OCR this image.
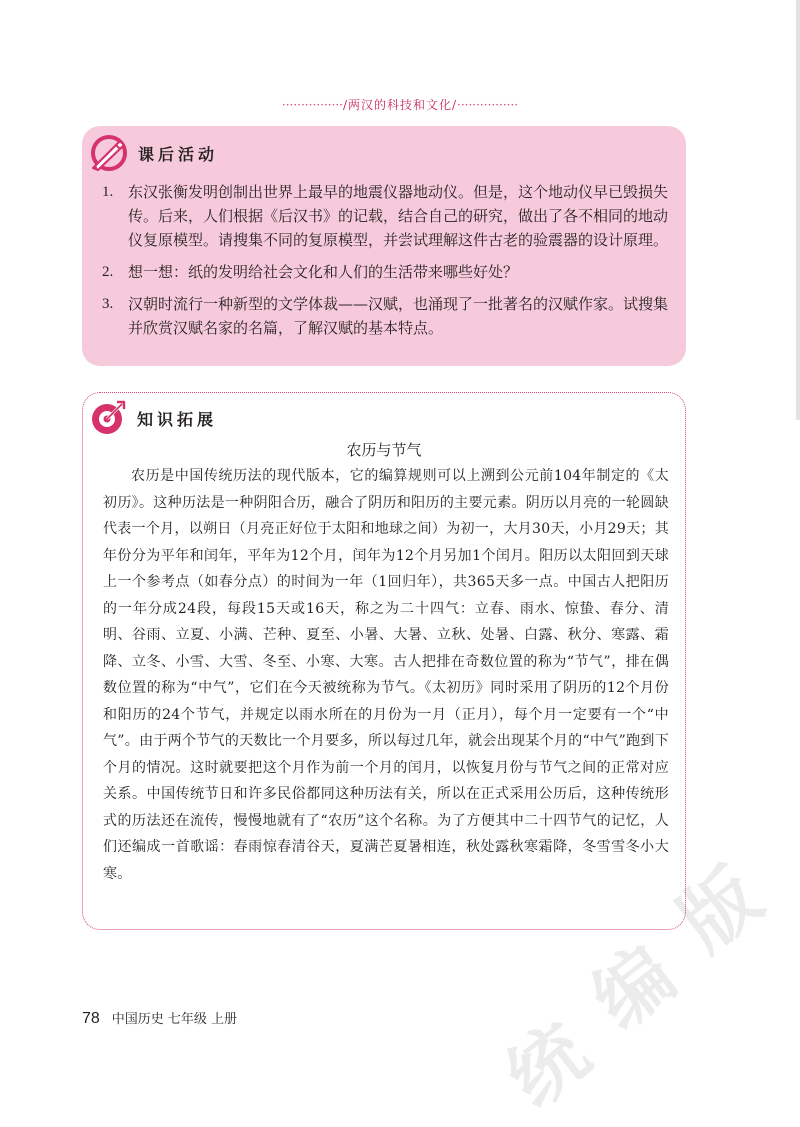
················/两汉的科技和文化/················
课后活动
1. 东汉张衡发明创制出世界上最早的地震仪器地动仪。但是，这个地动仪早已毁损失传。后来，人们根据《后汉书》的记载，结合自己的研究，做出了各不相同的地动仪复原模型。请搜集不同的复原模型，并尝试理解这件古老的验震器的设计原理。
2. 想一想：纸的发明给社会文化和人们的生活带来哪些好处？
3. 汉朝时流行一种新型的文学体裁——汉赋，也涌现了一批著名的汉赋作家。试搜集并欣赏汉赋名家的名篇，了解汉赋的基本特点。
知识拓展
农历与节气

农历是中国传统历法的现代版本，它的编算规则可以上溯到公元前104年制定的《太初历》。这种历法是一种阴阳合历，融合了阴历和阳历的主要元素。阴历以月亮的一轮圆缺代表一个月，以朔日（月亮正好位于太阳和地球之间）为初一，大月30天，小月29天；其年份分为平年和闰年，平年为12个月，闰年为12个月另加1个闰月。阳历以太阳回到天球上一个参考点（如春分点）的时间为一年（1回归年），共365天多一点。中国古人把阳历的一年分成24段，每段15天或16天，称之为二十四气：立春、雨水、惊蛰、春分、清明、谷雨、立夏、小满、芒种、夏至、小暑、大暑、立秋、处暑、白露、秋分、寒露、霜降、立冬、小雪、大雪、冬至、小寒、大寒。古人把排在奇数位置的称为“节气”，排在偶数位置的称为“中气”，它们在今天被统称为节气。《太初历》同时采用了阴历的12个月份和阳历的24个节气，并规定以雨水所在的月份为一月（正月），每个月一定要有一个“中气”。由于两个节气的天数比一个月要多，所以每过几年，就会出现某个月的“中气”跑到下个月的情况。这时就要把这个月作为前一个月的闰月，以恢复月份与节气之间的正常对应关系。中国传统节日和许多民俗都同这种历法有关，所以在正式采用公历后，这种传统形式的历法还在流传，慢慢地就有了“农历”这个名称。为了方便其中二十四节气的记忆，人们还编成一首歌谣：春雨惊春清谷天，夏满芒夏暑相连，秋处露秋寒霜降，冬雪雪冬小大寒。

78 中国历史 七年级 上册	统
编
版
